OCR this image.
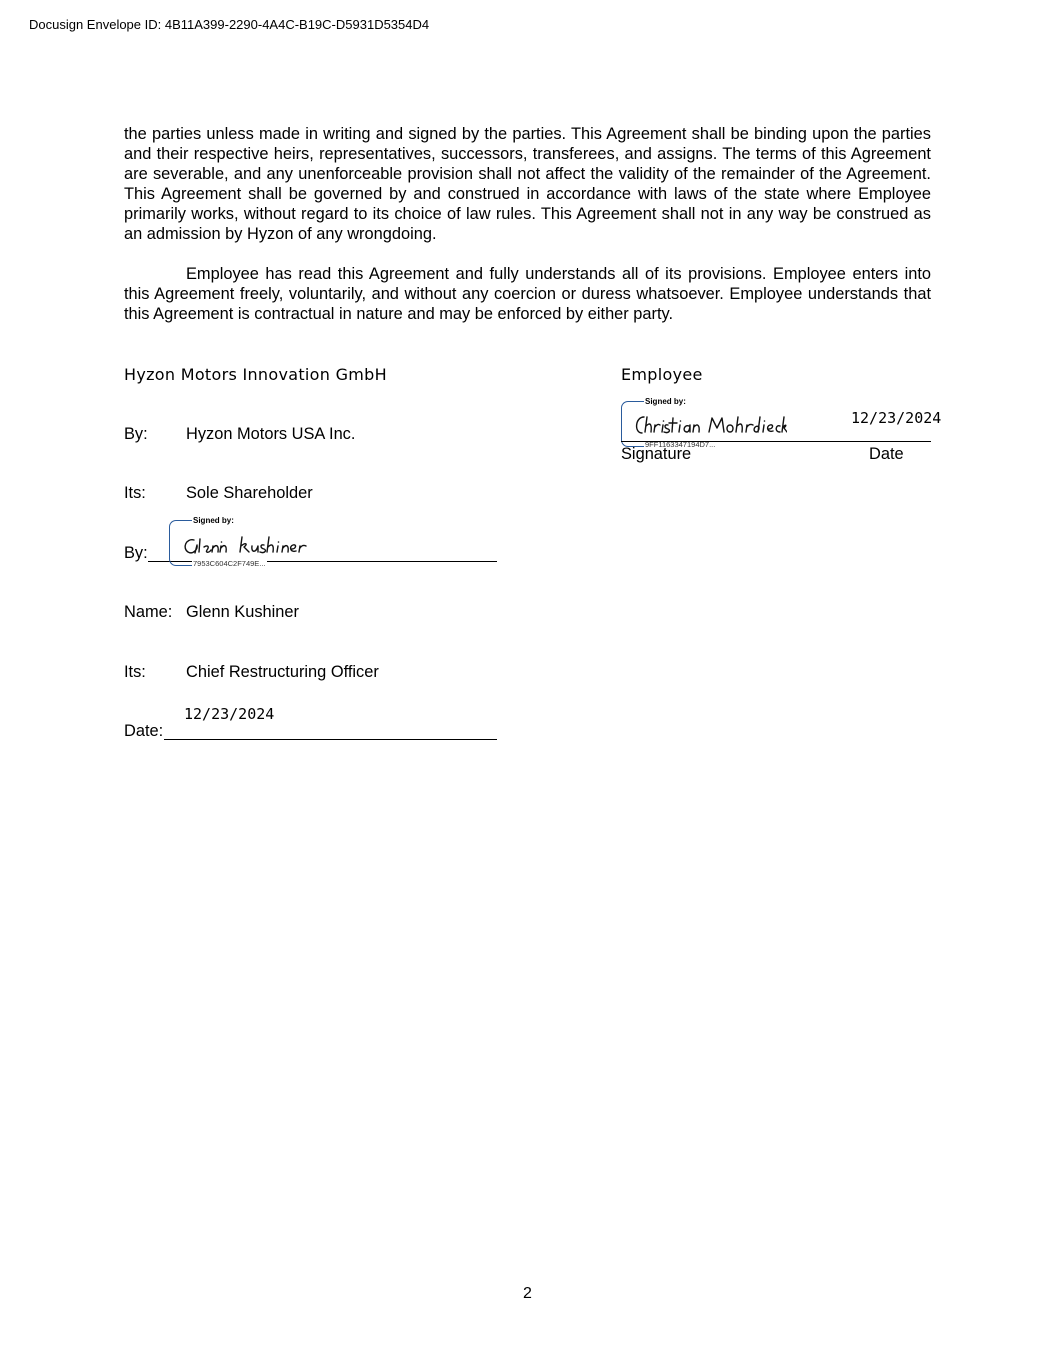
Docusign Envelope ID: 4B11A399-2290-4A4C-B19C-D5931D5354D4

the parties unless made in writing and signed by the parties. This Agreement shall be binding upon the parties and their respective heirs, representatives, successors, transferees, and assigns. The terms of this Agreement are severable, and any unenforceable provision shall not affect the validity of the remainder of the Agreement. This Agreement shall be governed by and construed in accordance with laws of the state where Employee primarily works, without regard to its choice of law rules. This Agreement shall not in any way be construed as an admission by Hyzon of any wrongdoing.

Employee has read this Agreement and fully understands all of its provisions. Employee enters into this Agreement freely, voluntarily, and without any coercion or duress whatsoever. Employee understands that this Agreement is contractual in nature and may be enforced by either party.

Hyzon Motors Innovation GmbH
By: Hyzon Motors USA Inc.
Its: Sole Shareholder
By:
Signed by:
7953C604C2F749E...
Name: Glenn Kushiner
Its: Chief Restructuring Officer
12/23/2024
Date:
Employee
Signed by:
9FF1163347194D7...
12/23/2024
Signature	Date
2
